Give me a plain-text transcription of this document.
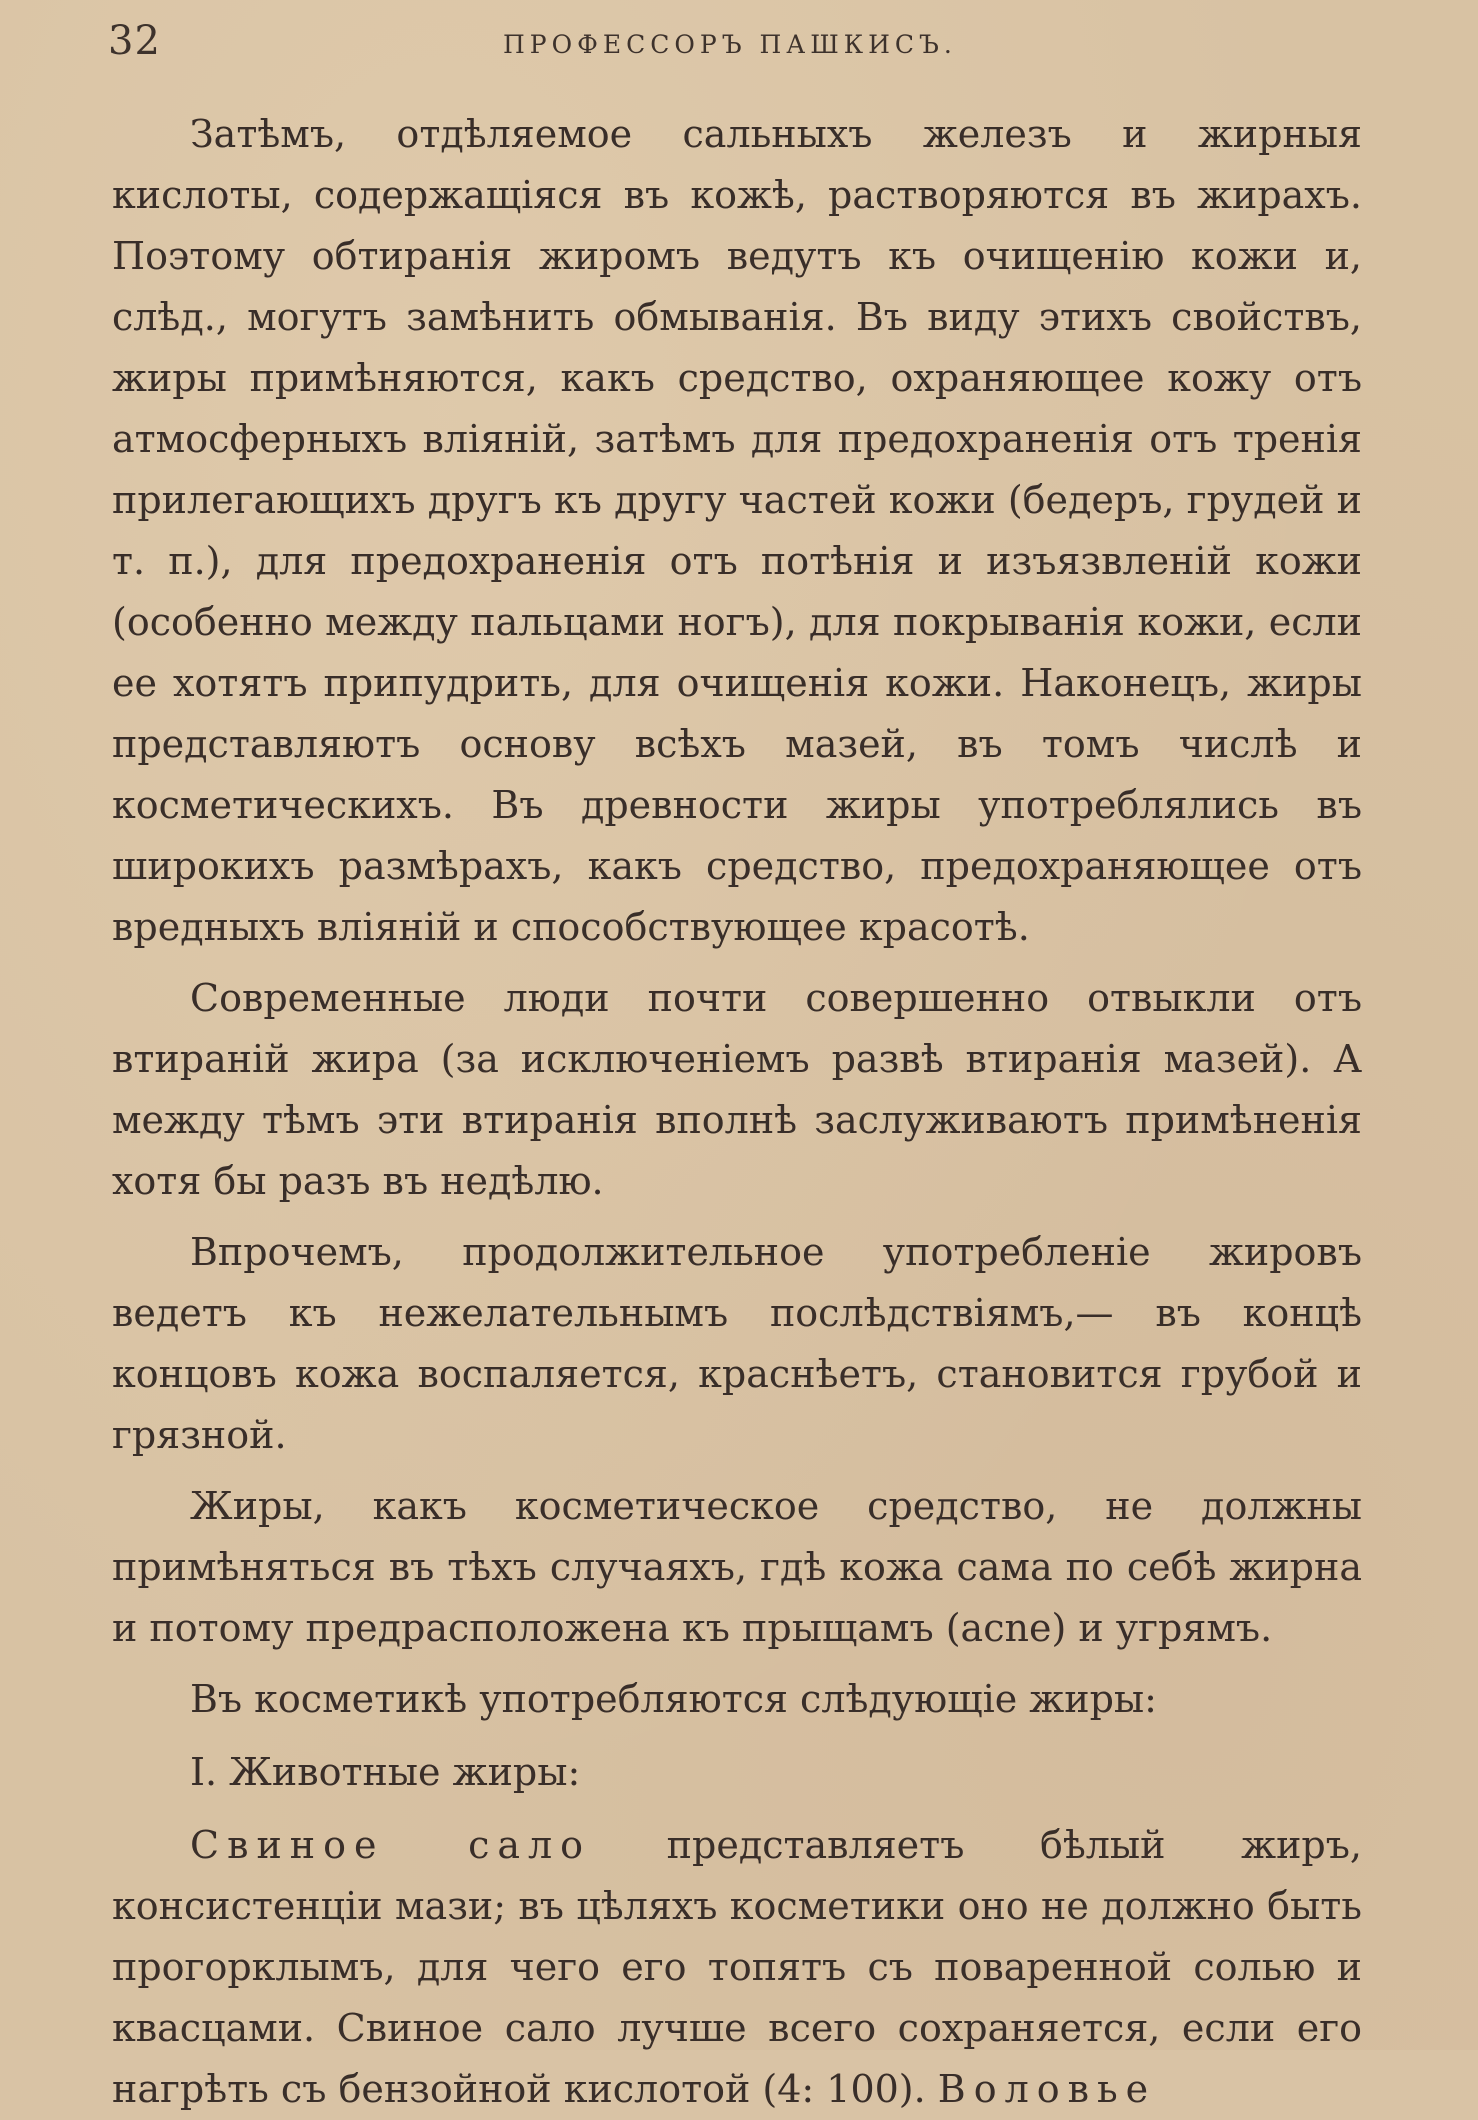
32	ПРОФЕССОРЪ ПАШКИСЪ.

Затѣмъ, отдѣляемое сальныхъ железъ и жирныя кислоты, содержащіяся въ кожѣ, растворяются въ жирахъ. Поэтому обтиранія жиромъ ведутъ къ очищенію кожи и, слѣд., могутъ замѣнить обмыванія. Въ виду этихъ свойствъ, жиры примѣняются, какъ средство, охраняющее кожу отъ атмосферныхъ вліяній, затѣмъ для предохраненія отъ тренія прилегающихъ другъ къ другу частей кожи (бедеръ, грудей и т. п.), для предохраненія отъ потѣнія и изъязвленій кожи (особенно между пальцами ногъ), для покрыванія кожи, если ее хотятъ припудрить, для очищенія кожи. Наконецъ, жиры представляютъ основу всѣхъ мазей, въ томъ числѣ и косметическихъ. Въ древности жиры употреблялись въ широкихъ размѣрахъ, какъ средство, предохраняющее отъ вредныхъ вліяній и способствующее красотѣ.

Современные люди почти совершенно отвыкли отъ втираній жира (за исключеніемъ развѣ втиранія мазей). А между тѣмъ эти втиранія вполнѣ заслуживаютъ примѣненія хотя бы разъ въ недѣлю.

Впрочемъ, продолжительное употребленіе жировъ ведетъ къ нежелательнымъ послѣдствіямъ,— въ концѣ концовъ кожа воспаляется, краснѣетъ, становится грубой и грязной.

Жиры, какъ косметическое средство, не должны примѣняться въ тѣхъ случаяхъ, гдѣ кожа сама по себѣ жирна и потому предрасположена къ прыщамъ (acne) и угрямъ.

Въ косметикѣ употребляются слѣдующіе жиры:

I. Животные жиры:

Свиное сало представляетъ бѣлый жиръ, консистенціи мази; въ цѣляхъ косметики оно не должно быть прогорклымъ, для чего его топятъ съ поваренной солью и квасцами. Свиное сало лучше всего сохраняется, если его нагрѣть съ бензойной кислотой (4: 100). Воловье
